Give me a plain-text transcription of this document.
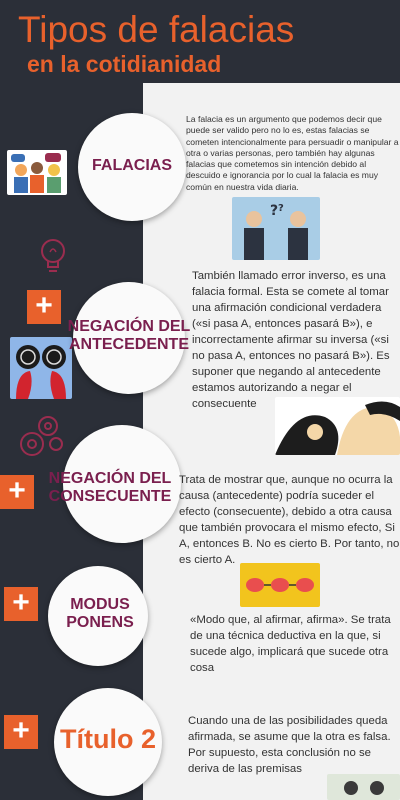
Tipos de falacias
en la cotidianidad
+
+
+
+
? ?
FALACIAS
NEGACIÓN DEL ANTECEDENTE
NEGACIÓN DEL CONSECUENTE
MODUS PONENS
Título 2
La falacia es un argumento que podemos decir que puede ser valido pero no lo es, estas falacias se cometen intencionalmente para persuadir o manipular a otra o varias personas, pero también hay algunas falacias que cometemos sin intención debido al descuido e ignorancia por lo cual la falacia es muy común en nuestra vida diaria.
También llamado error inverso, es una falacia formal. Esta se comete al tomar una afirmación condicional verdadera («si pasa A, entonces pasará B»), e incorrectamente afirmar su inversa («si no pasa A, entonces no pasará B»). Es suponer que negando al antecedente estamos autorizando a negar el consecuente
Trata de mostrar que, aunque no ocurra la causa (antecedente) podría suceder el efecto (consecuente), debido a otra causa que también provocara el mismo efecto, Si A, entonces B. No es cierto B. Por tanto, no es cierto A.
«Modo que, al afirmar, afirma». Se trata de una técnica deductiva en la que, si sucede algo, implicará que sucede otra cosa
Cuando una de las posibilidades queda afirmada, se asume que la otra es falsa. Por supuesto, esta conclusión no se deriva de las premisas
